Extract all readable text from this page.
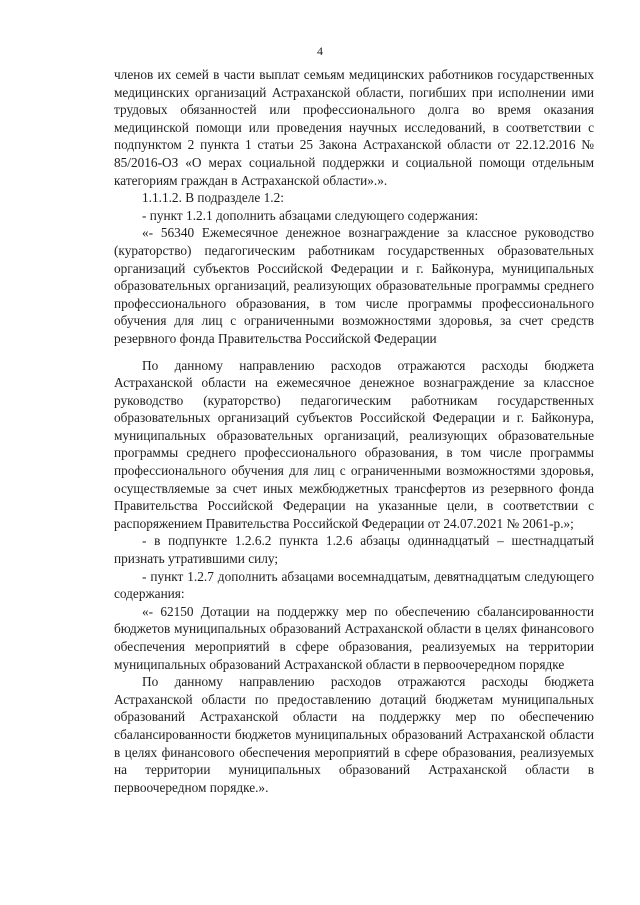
4

членов их семей в части выплат семьям медицинских работников государственных медицинских организаций Астраханской области, погибших при исполнении ими трудовых обязанностей или профессионального долга во время оказания медицинской помощи или проведения научных исследований, в соответствии с подпунктом 2 пункта 1 статьи 25 Закона Астраханской области от 22.12.2016 № 85/2016-ОЗ «О мерах социальной поддержки и социальной помощи отдельным категориям граждан в Астраханской области».».

1.1.1.2. В подразделе 1.2:

- пункт 1.2.1 дополнить абзацами следующего содержания:

«- 56340 Ежемесячное денежное вознаграждение за классное руководство (кураторство) педагогическим работникам государственных образовательных организаций субъектов Российской Федерации и г. Байконура, муниципальных образовательных организаций, реализующих образовательные программы среднего профессионального образования, в том числе программы профессионального обучения для лиц с ограниченными возможностями здоровья, за счет средств резервного фонда Правительства Российской Федерации

По данному направлению расходов отражаются расходы бюджета Астраханской области на ежемесячное денежное вознаграждение за классное руководство (кураторство) педагогическим работникам государственных образовательных организаций субъектов Российской Федерации и г. Байконура, муниципальных образовательных организаций, реализующих образовательные программы среднего профессионального образования, в том числе программы профессионального обучения для лиц с ограниченными возможностями здоровья, осуществляемые за счет иных межбюджетных трансфертов из резервного фонда Правительства Российской Федерации на указанные цели, в соответствии с распоряжением Правительства Российской Федерации от 24.07.2021 № 2061-р.»;

- в подпункте 1.2.6.2 пункта 1.2.6 абзацы одиннадцатый – шестнадцатый признать утратившими силу;

- пункт 1.2.7 дополнить абзацами восемнадцатым, девятнадцатым следующего содержания:

«- 62150 Дотации на поддержку мер по обеспечению сбалансированности бюджетов муниципальных образований Астраханской области в целях финансового обеспечения мероприятий в сфере образования, реализуемых на территории муниципальных образований Астраханской области в первоочередном порядке

По данному направлению расходов отражаются расходы бюджета Астраханской области по предоставлению дотаций бюджетам муниципальных образований Астраханской области на поддержку мер по обеспечению сбалансированности бюджетов муниципальных образований Астраханской области в целях финансового обеспечения мероприятий в сфере образования, реализуемых на территории муниципальных образований Астраханской области в первоочередном порядке.».
